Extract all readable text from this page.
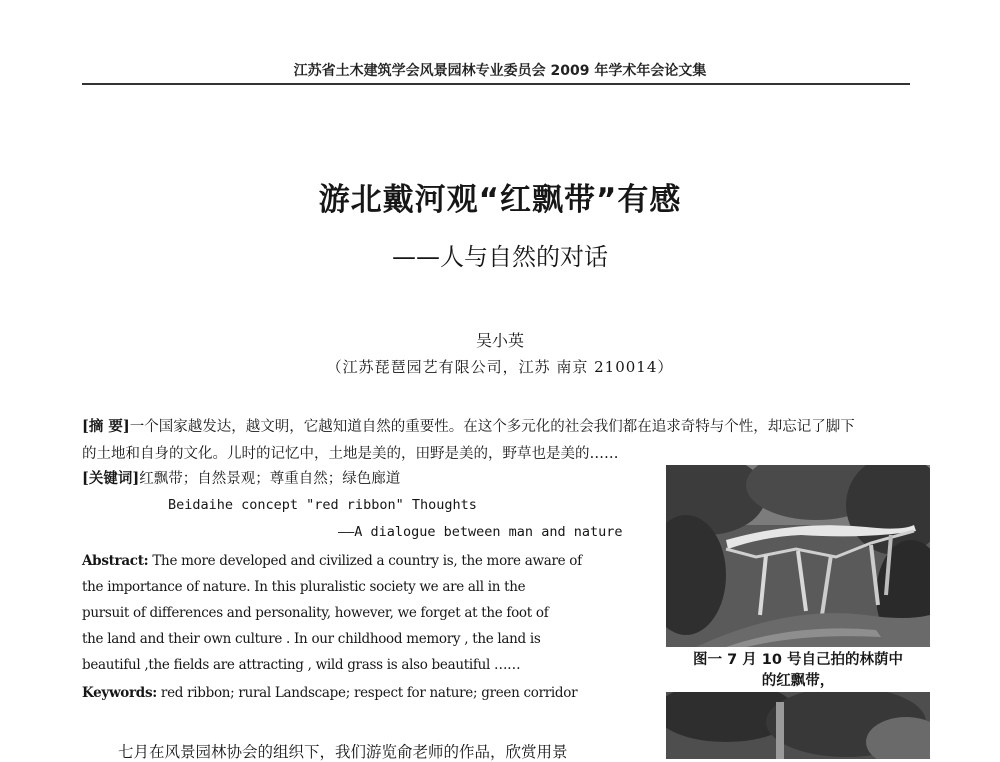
江苏省土木建筑学会风景园林专业委员会 2009 年学术年会论文集
游北戴河观“红飘带”有感
——人与自然的对话
吴小英
（江苏琵琶园艺有限公司，江苏 南京 210014）
[摘 要]一个国家越发达，越文明，它越知道自然的重要性。在这个多元化的社会我们都在追求奇特与个性，却忘记了脚下
的土地和自身的文化。儿时的记忆中，土地是美的，田野是美的，野草也是美的……
[关键词]红飘带；自然景观；尊重自然；绿色廊道
Beidaihe concept "red ribbon" Thoughts
——A dialogue between man and nature
Abstract: The more developed and civilized a country is, the more aware of
the importance of nature. In this pluralistic society we are all in the
pursuit of differences and personality, however, we forget at the foot of
the land and their own culture . In our childhood memory , the land is
beautiful ,the fields are attracting , wild grass is also beautiful ……
Keywords: red ribbon; rural Landscape; respect for nature; green corridor
七月在风景园林协会的组织下，我们游览俞老师的作品，欣赏用景
图一 7 月 10 号自己拍的林荫中
的红飘带，
